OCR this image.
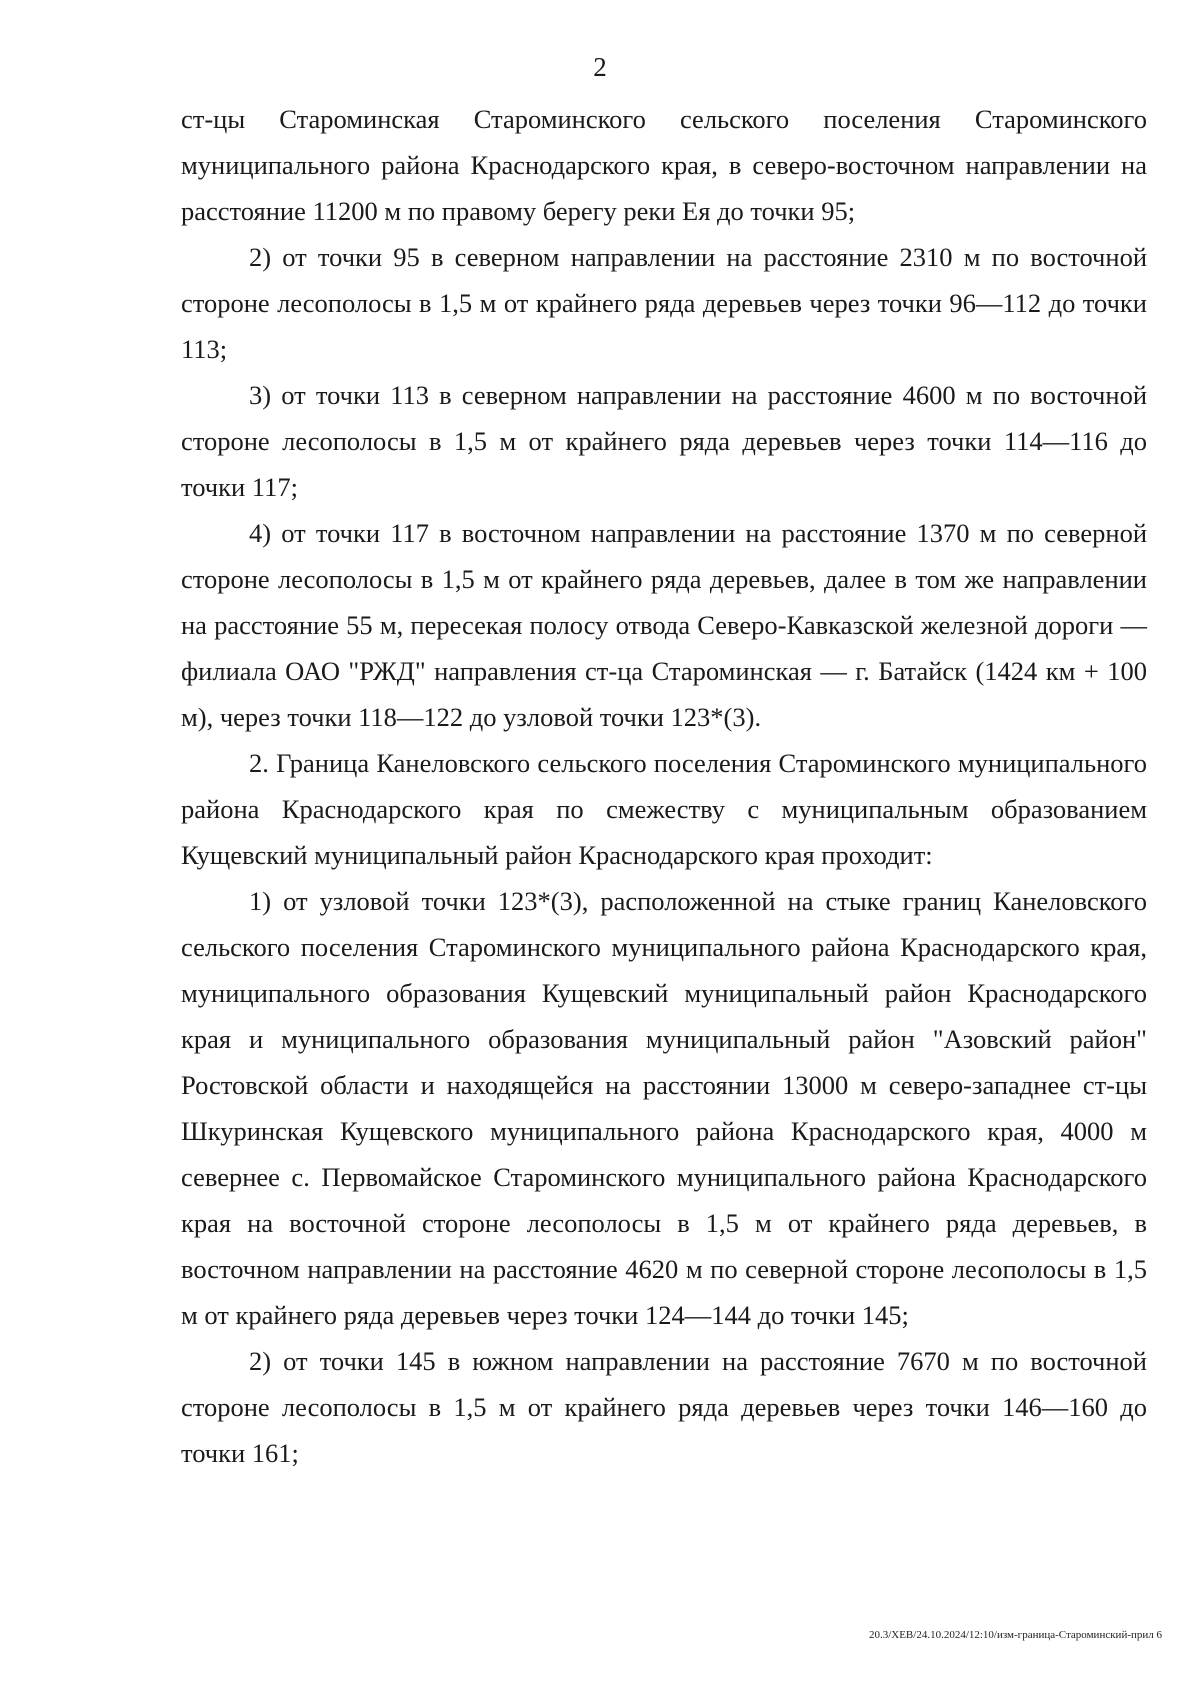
2

ст-цы Староминская Староминского сельского поселения Староминского муниципального района Краснодарского края, в северо-восточном направлении на расстояние 11200 м по правому берегу реки Ея до точки 95;

2) от точки 95 в северном направлении на расстояние 2310 м по восточной стороне лесополосы в 1,5 м от крайнего ряда деревьев через точки 96—112 до точки 113;

3) от точки 113 в северном направлении на расстояние 4600 м по восточной стороне лесополосы в 1,5 м от крайнего ряда деревьев через точки 114—116 до точки 117;

4) от точки 117 в восточном направлении на расстояние 1370 м по северной стороне лесополосы в 1,5 м от крайнего ряда деревьев, далее в том же направлении на расстояние 55 м, пересекая полосу отвода Северо-Кавказской железной дороги — филиала ОАО "РЖД" направления ст-ца Староминская — г. Батайск (1424 км + 100 м), через точки 118—122 до узловой точки 123*(3).

2. Граница Канеловского сельского поселения Староминского муниципального района Краснодарского края по смежеству с муниципальным образованием Кущевский муниципальный район Краснодарского края проходит:

1) от узловой точки 123*(3), расположенной на стыке границ Канеловского сельского поселения Староминского муниципального района Краснодарского края, муниципального образования Кущевский муниципальный район Краснодарского края и муниципального образования муниципальный район "Азовский район" Ростовской области и находящейся на расстоянии 13000 м северо-западнее ст-цы Шкуринская Кущевского муниципального района Краснодарского края, 4000 м севернее с. Первомайское Староминского муниципального района Краснодарского края на восточной стороне лесополосы в 1,5 м от крайнего ряда деревьев, в восточном направлении на расстояние 4620 м по северной стороне лесополосы в 1,5 м от крайнего ряда деревьев через точки 124—144 до точки 145;

2) от точки 145 в южном направлении на расстояние 7670 м по восточной стороне лесополосы в 1,5 м от крайнего ряда деревьев через точки 146—160 до точки 161;

20.3/ХЕВ/24.10.2024/12:10/изм-граница-Староминский-прил 6
